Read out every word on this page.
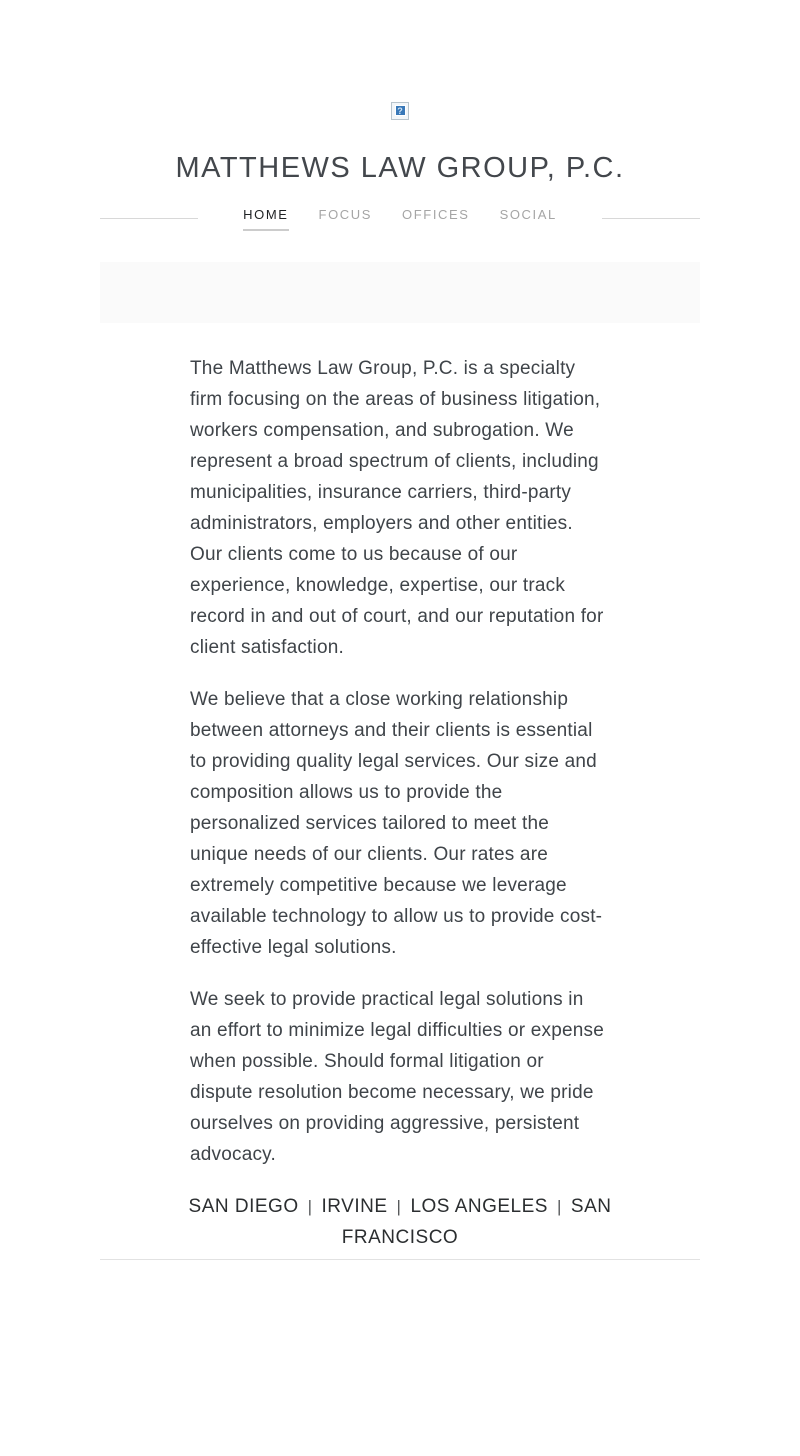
?
MATTHEWS LAW GROUP, P.C.
HOME FOCUS OFFICES SOCIAL

The Matthews Law Group, P.C. is a specialty firm focusing on the areas of business litigation, workers compensation, and subrogation. We represent a broad spectrum of clients, including municipalities, insurance carriers, third-party administrators, employers and other entities. Our clients come to us because of our experience, knowledge, expertise, our track record in and out of court, and our reputation for client satisfaction.

We believe that a close working relationship between attorneys and their clients is essential to providing quality legal services. Our size and composition allows us to provide the personalized services tailored to meet the unique needs of our clients. Our rates are extremely competitive because we leverage available technology to allow us to provide cost-effective legal solutions.

We seek to provide practical legal solutions in an effort to minimize legal difficulties or expense when possible. Should formal litigation or dispute resolution become necessary, we pride ourselves on providing aggressive, persistent advocacy.

SAN DIEGO | IRVINE | LOS ANGELES | SAN FRANCISCO
